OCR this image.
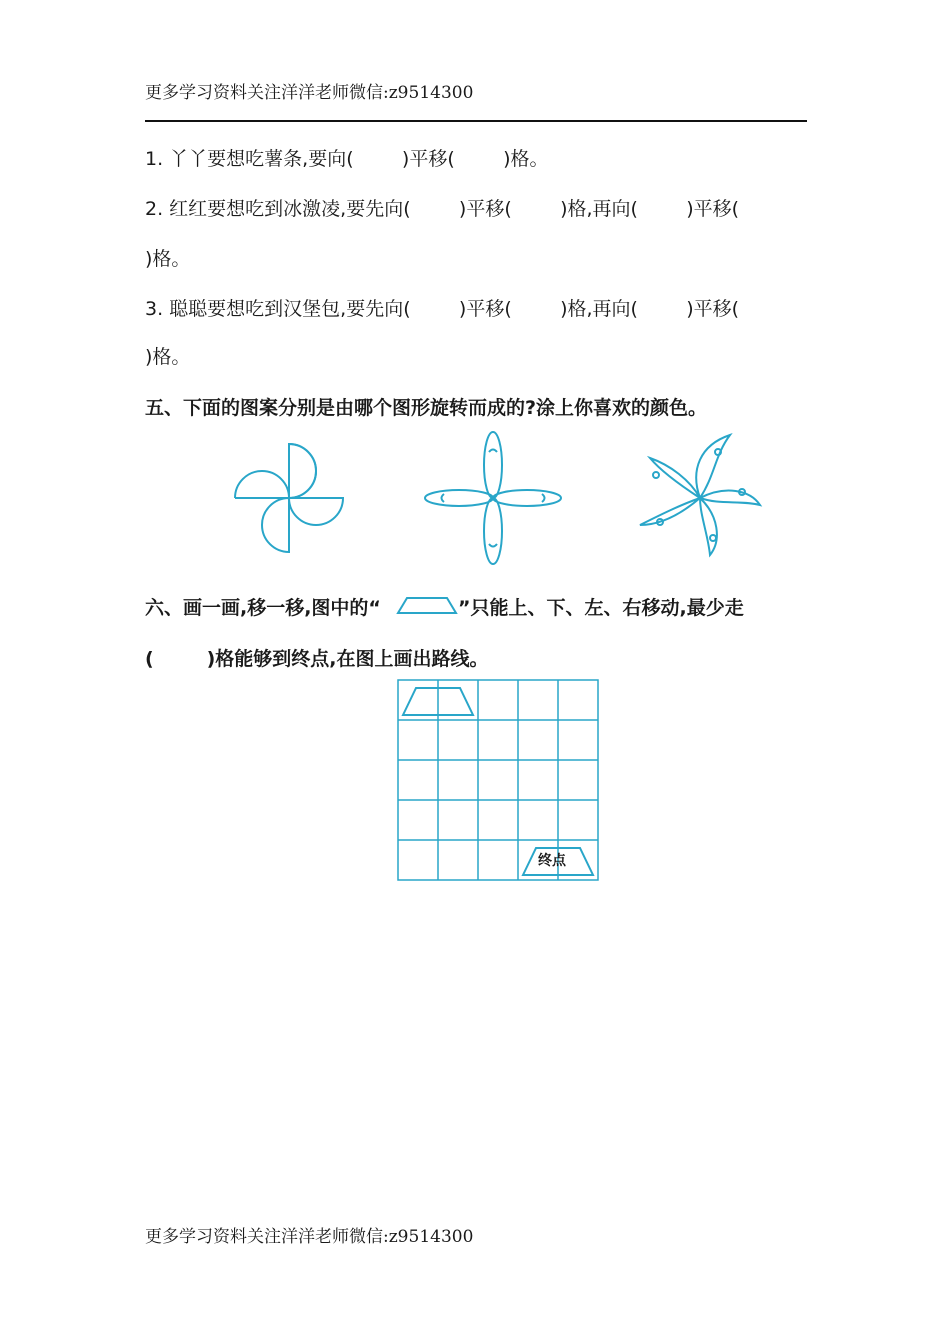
更多学习资料关注洋洋老师微信:z9514300
1. 丫丫要想吃薯条,要向(        )平移(        )格。
2. 红红要想吃到冰激凌,要先向(        )平移(        )格,再向(        )平移(
)格。
3. 聪聪要想吃到汉堡包,要先向(        )平移(        )格,再向(        )平移(
)格。
五、下面的图案分别是由哪个图形旋转而成的?涂上你喜欢的颜色。
六、画一画,移一移,图中的“	”只能上、下、左、右移动,最少走
(        )格能够到终点,在图上画出路线。
终点
更多学习资料关注洋洋老师微信:z9514300
